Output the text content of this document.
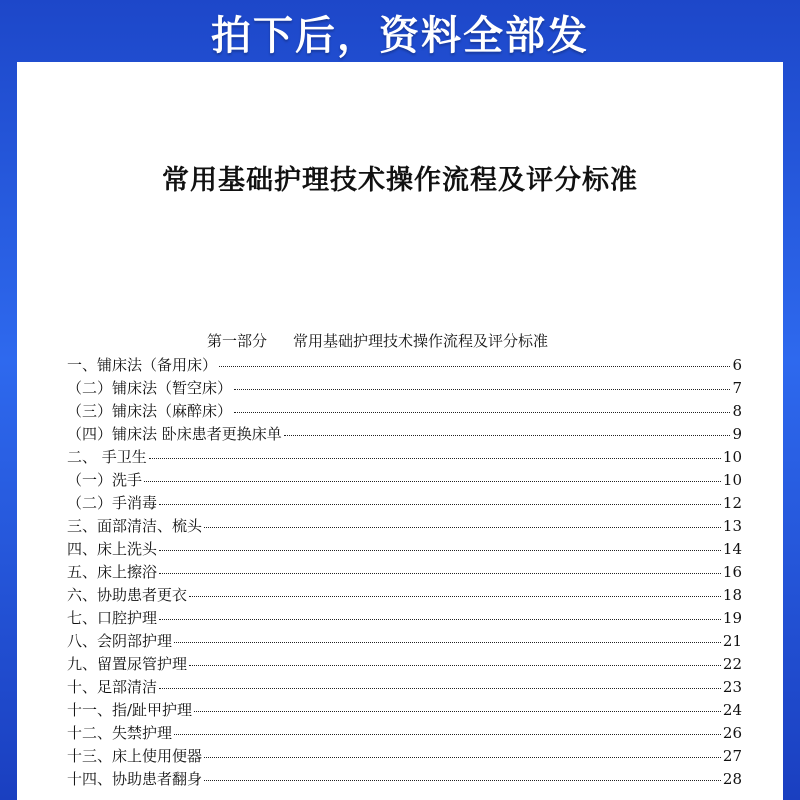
拍下后，资料全部发
常用基础护理技术操作流程及评分标准
第一部分 常用基础护理技术操作流程及评分标准
一、铺床法（备用床）	6
（二）铺床法（暂空床）	7
（三）铺床法（麻醉床）	8
（四）铺床法 卧床患者更换床单	9
二、 手卫生	10
（一）洗手	10
（二）手消毒	12
三、面部清洁、梳头	13
四、床上洗头	14
五、床上擦浴	16
六、协助患者更衣	18
七、口腔护理	19
八、会阴部护理	21
九、留置尿管护理	22
十、足部清洁	23
十一、指/趾甲护理	24
十二、失禁护理	26
十三、床上使用便器	27
十四、协助患者翻身	28
